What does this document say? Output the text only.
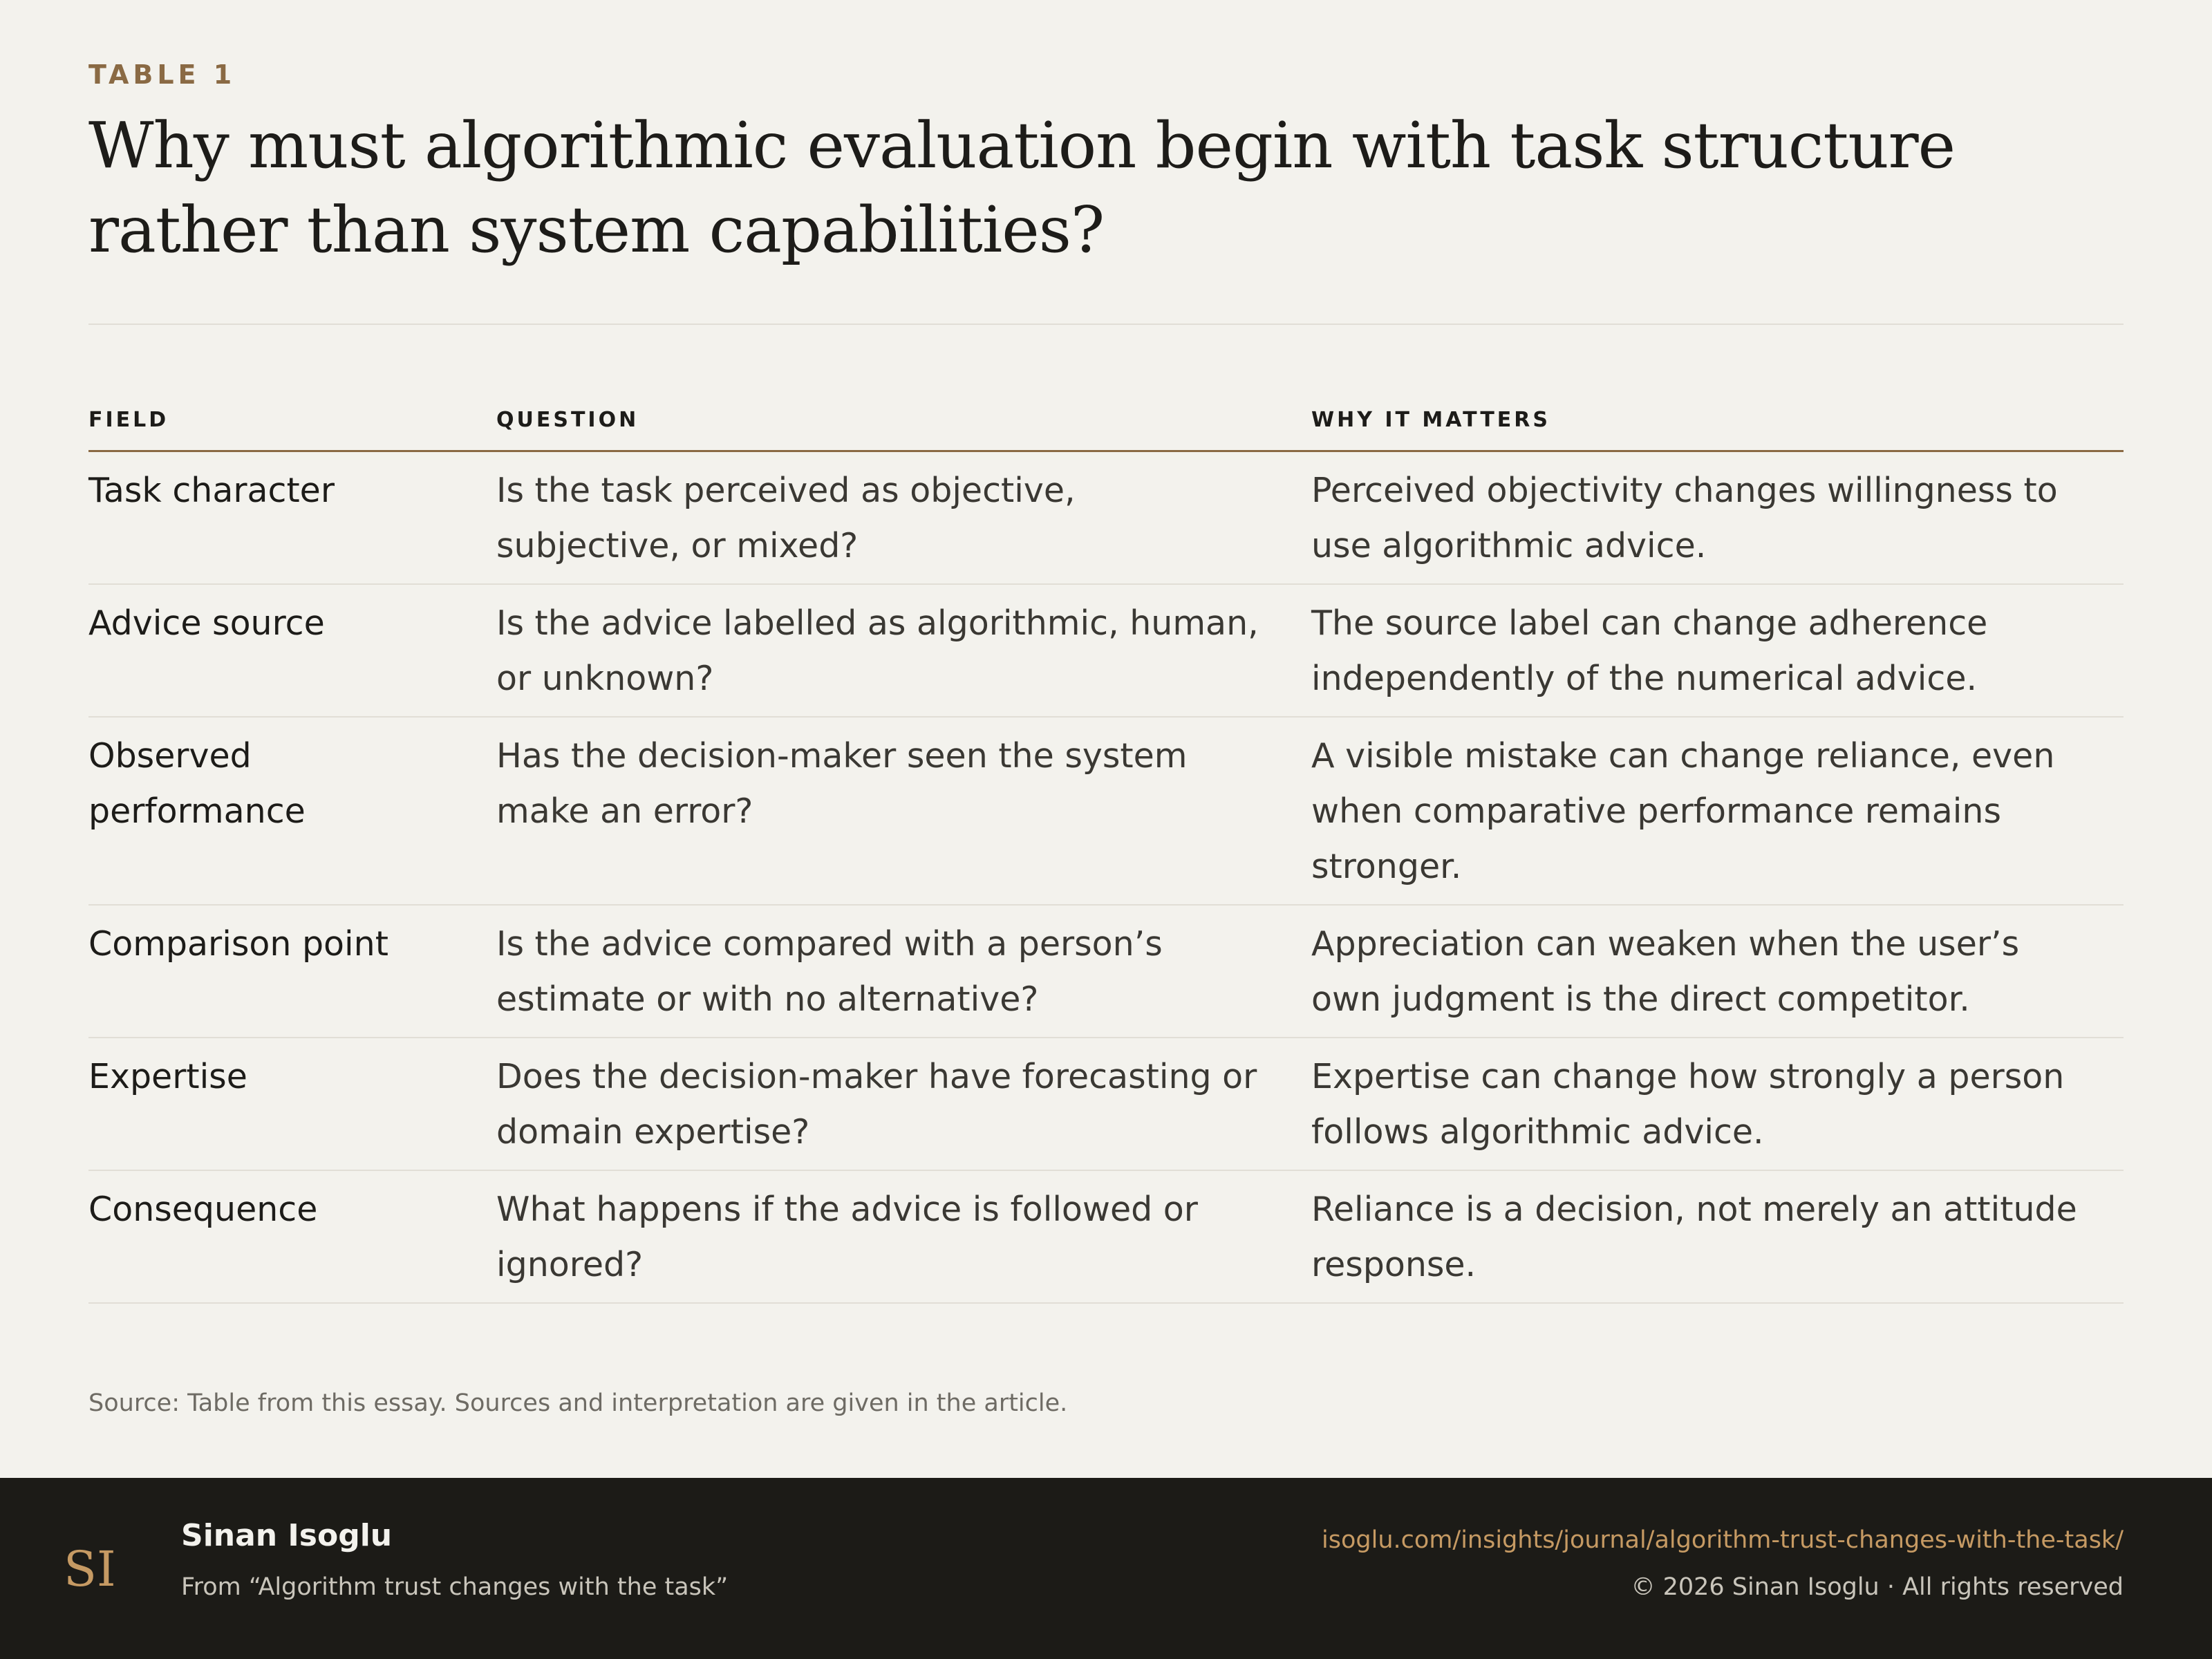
TABLE 1
Why must algorithmic evaluation begin with task structure rather than system capabilities?
FIELD	QUESTION	WHY IT MATTERS
Task character	Is the task perceived as objective, subjective, or mixed?	Perceived objectivity changes willingness to use algorithmic advice.
Advice source	Is the advice labelled as algorithmic, human, or unknown?	The source label can change adherence independently of the numerical advice.
Observed performance	Has the decision-maker seen the system make an error?	A visible mistake can change reliance, even when comparative performance remains stronger.
Comparison point	Is the advice compared with a person’s estimate or with no alternative?	Appreciation can weaken when the user’s own judgment is the direct competitor.
Expertise	Does the decision-maker have forecasting or domain expertise?	Expertise can change how strongly a person follows algorithmic advice.
Consequence	What happens if the advice is followed or ignored?	Reliance is a decision, not merely an attitude response.
Source: Table from this essay. Sources and interpretation are given in the article.
SI
Sinan Isoglu
From “Algorithm trust changes with the task”
isoglu.com/insights/journal/algorithm-trust-changes-with-the-task/
© 2026 Sinan Isoglu · All rights reserved
